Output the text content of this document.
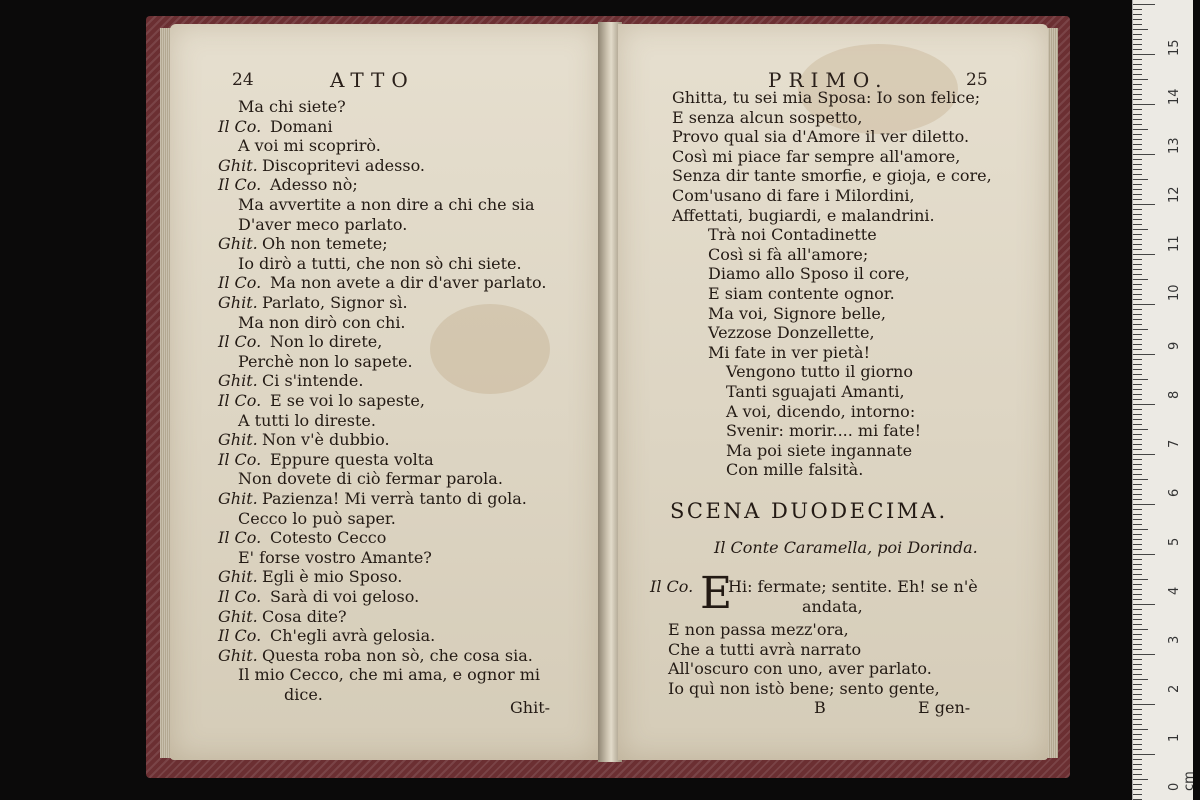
24	ATTO
Ma chi siete?
Il Co. Domani
A voi mi scoprirò.
Ghit. Discopritevi adesso.
Il Co. Adesso nò;
Ma avvertite a non dire a chi che sia
D'aver meco parlato.
Ghit. Oh non temete;
Io dirò a tutti, che non sò chi siete.
Il Co. Ma non avete a dir d'aver parlato.
Ghit. Parlato, Signor sì.
Ma non dirò con chi.
Il Co. Non lo direte,
Perchè non lo sapete.
Ghit. Ci s'intende.
Il Co. E se voi lo sapeste,
A tutti lo direste.
Ghit. Non v'è dubbio.
Il Co. Eppure questa volta
Non dovete di ciò fermar parola.
Ghit. Pazienza! Mi verrà tanto di gola.
Cecco lo può saper.
Il Co. Cotesto Cecco
E' forse vostro Amante?
Ghit. Egli è mio Sposo.
Il Co. Sarà di voi geloso.
Ghit. Cosa dite?
Il Co. Ch'egli avrà gelosia.
Ghit. Questa roba non sò, che cosa sia.
Il mio Cecco, che mi ama, e ognor mi
dice.
Ghit-
PRIMO.	25
Ghitta, tu sei mia Sposa: Io son felice;
E senza alcun sospetto,
Provo qual sia d'Amore il ver diletto.
Così mi piace far sempre all'amore,
Senza dir tante smorfie, e gioja, e core,
Com'usano di fare i Milordini,
Affettati, bugiardi, e malandrini.
Trà noi Contadinette
Così si fà all'amore;
Diamo allo Sposo il core,
E siam contente ognor.
Ma voi, Signore belle,
Vezzose Donzellette,
Mi fate in ver pietà!
Vengono tutto il giorno
Tanti sguajati Amanti,
A voi, dicendo, intorno:
Svenir: morir.... mi fate!
Ma poi siete ingannate
Con mille falsità.
SCENA DUODECIMA.
Il Conte Caramella, poi Dorinda.
Il Co. E
Hi: fermate; sentite. Eh! se n'è
andata,
E non passa mezz'ora,
Che a tutti avrà narrato
All'oscuro con uno, aver parlato.
Io quì non istò bene; sento gente,
B	E gen-
15
14
13
12
11
10
9
8
7
6
5
4
3
2
1
0 cm
